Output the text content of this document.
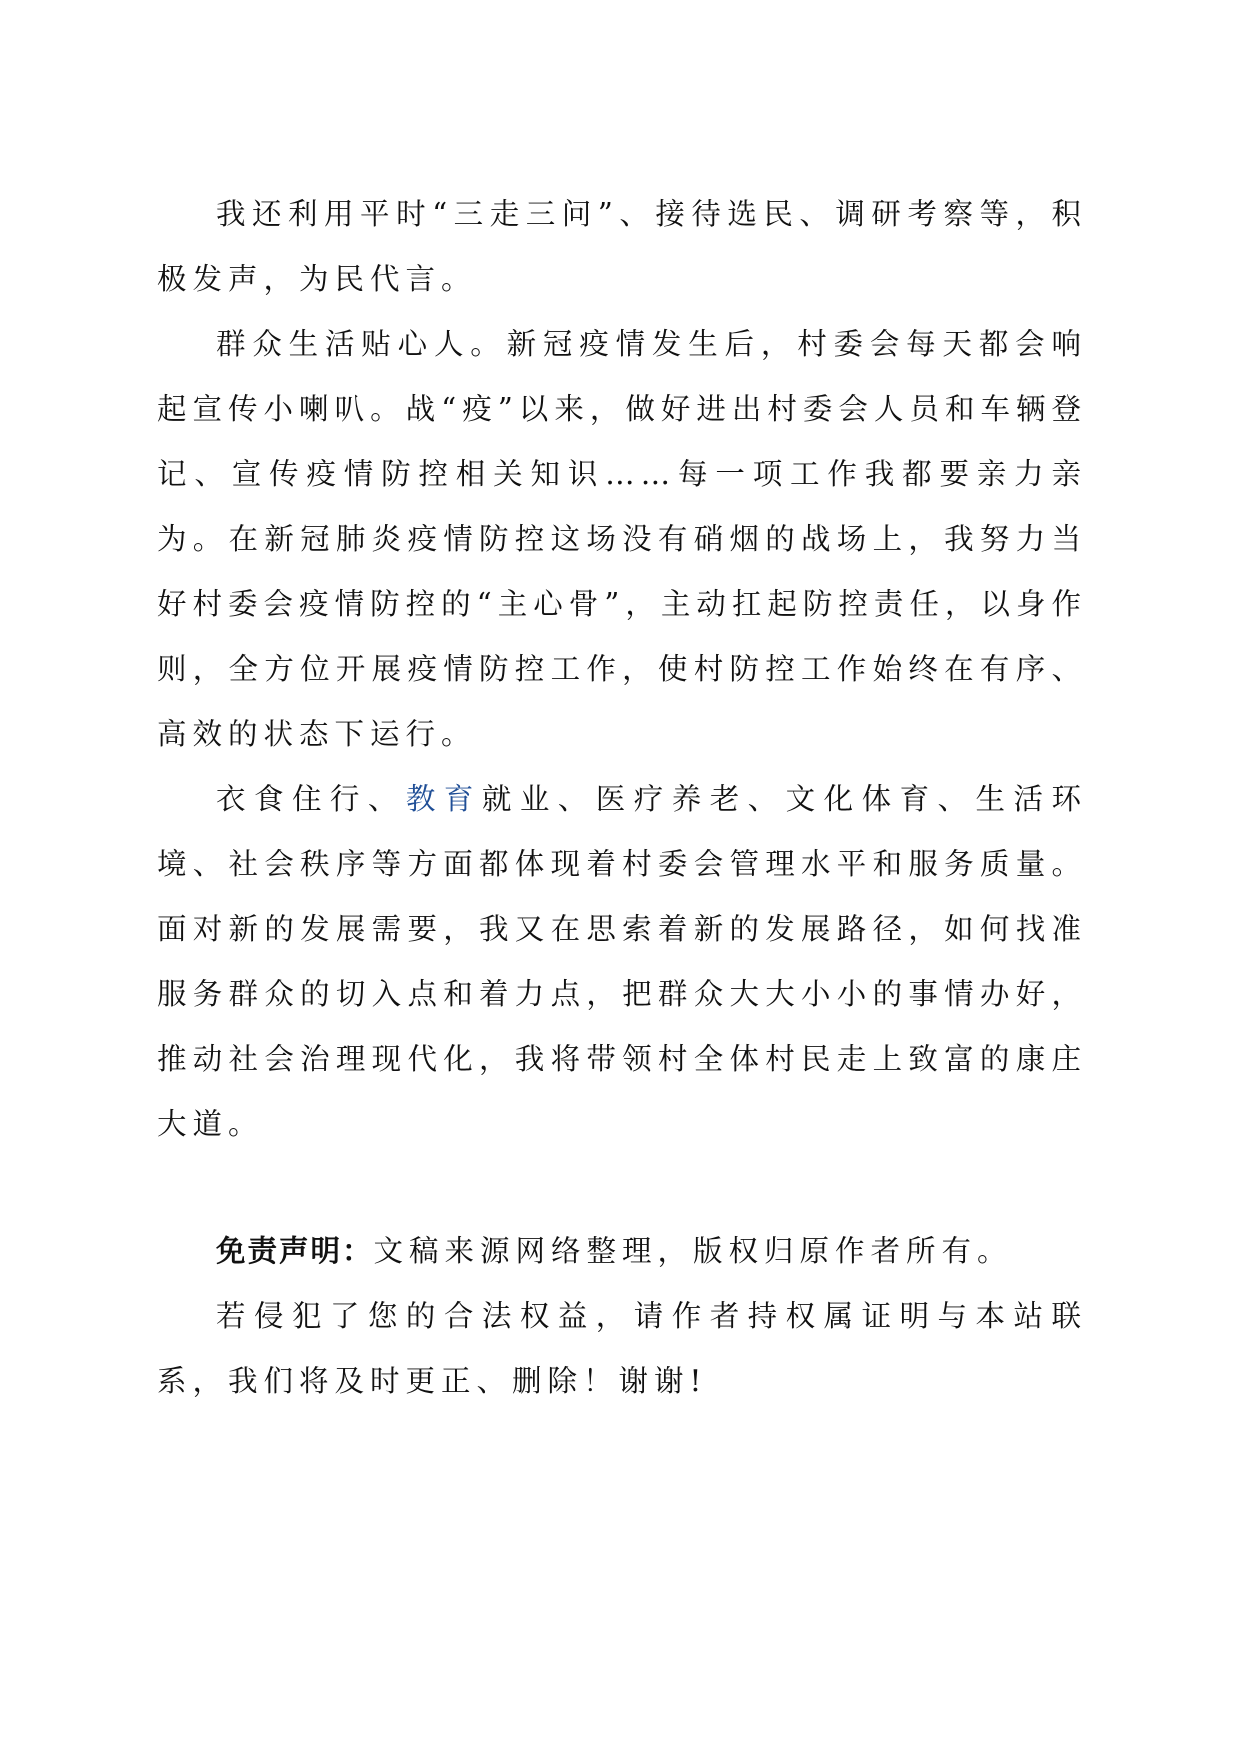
我还利用平时“三走三问”、接待选民、调研考察等，积极发声，为民代言。

群众生活贴心人。新冠疫情发生后，村委会每天都会响起宣传小喇叭。战“疫”以来，做好进出村委会人员和车辆登记、宣传疫情防控相关知识……每一项工作我都要亲力亲为。在新冠肺炎疫情防控这场没有硝烟的战场上，我努力当好村委会疫情防控的“主心骨”，主动扛起防控责任，以身作则，全方位开展疫情防控工作，使村防控工作始终在有序、高效的状态下运行。

衣食住行、教育就业、医疗养老、文化体育、生活环境、社会秩序等方面都体现着村委会管理水平和服务质量。面对新的发展需要，我又在思索着新的发展路径，如何找准服务群众的切入点和着力点，把群众大大小小的事情办好，推动社会治理现代化，我将带领村全体村民走上致富的康庄大道。

免责声明：文稿来源网络整理，版权归原作者所有。

若侵犯了您的合法权益，请作者持权属证明与本站联系，我们将及时更正、删除！谢谢!
